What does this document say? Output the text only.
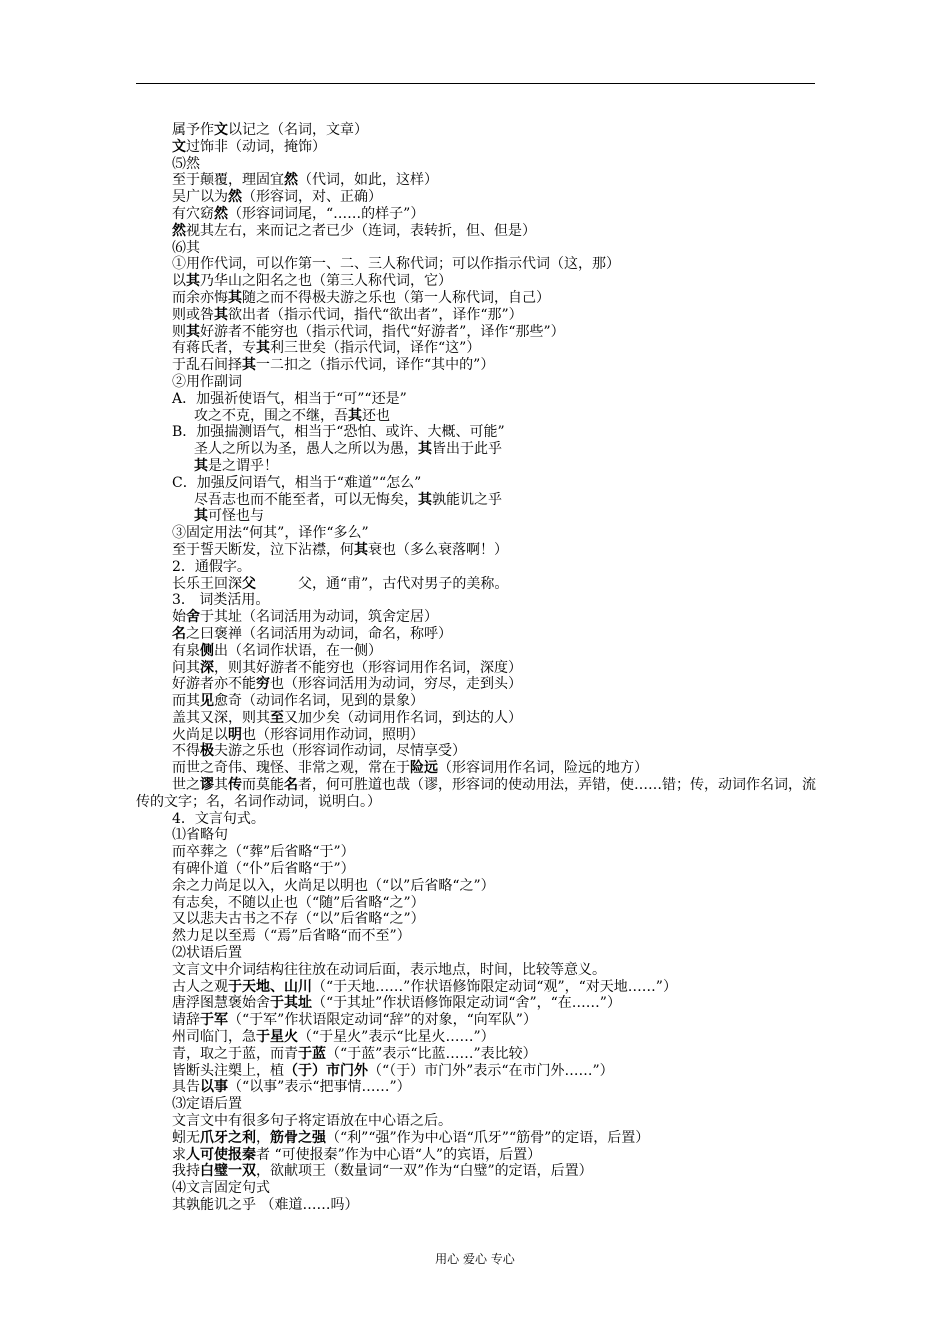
属予作文以记之（名词，文章）
文过饰非（动词，掩饰）
⑸然
至于颠覆，理固宜然（代词，如此，这样）
吴广以为然（形容词，对、正确）
有穴窈然（形容词词尾，“……的样子”）
然视其左右，来而记之者已少（连词，表转折，但、但是）
⑹其
①用作代词，可以作第一、二、三人称代词；可以作指示代词（这，那）
以其乃华山之阳名之也（第三人称代词，它）
而余亦悔其随之而不得极夫游之乐也（第一人称代词，自己）
则或咎其欲出者（指示代词，指代“欲出者”，译作“那”）
则其好游者不能穷也（指示代词，指代“好游者”，译作“那些”）
有蒋氏者，专其利三世矣（指示代词，译作“这”）
于乱石间择其一二扣之（指示代词，译作“其中的”）
②用作副词
A．加强祈使语气，相当于“可”“还是”
攻之不克，围之不继，吾其还也
B．加强揣测语气，相当于“恐怕、或许、大概、可能”
圣人之所以为圣，愚人之所以为愚，其皆出于此乎
其是之谓乎！
C．加强反问语气，相当于“难道”“怎么”
尽吾志也而不能至者，可以无悔矣，其孰能讥之乎
其可怪也与
③固定用法“何其”，译作“多么”
至于誓天断发，泣下沾襟，何其衰也（多么衰落啊！）
2．通假字。
长乐王回深父　　　父，通“甫”，古代对男子的美称。
3． 词类活用。
始舍于其址（名词活用为动词，筑舍定居）
名之曰褒禅（名词活用为动词，命名，称呼）
有泉侧出（名词作状语，在一侧）
问其深，则其好游者不能穷也（形容词用作名词，深度）
好游者亦不能穷也（形容词活用为动词，穷尽，走到头）
而其见愈奇（动词作名词，见到的景象）
盖其又深，则其至又加少矣（动词用作名词，到达的人）
火尚足以明也（形容词用作动词，照明）
不得极夫游之乐也（形容词作动词，尽情享受）
而世之奇伟、瑰怪、非常之观，常在于险远（形容词用作名词，险远的地方）
世之谬其传而莫能名者，何可胜道也哉（谬，形容词的使动用法，弄错，使……错；传，动词作名词，流传的文字；名，名词作动词，说明白。）
4．文言句式。
⑴省略句
而卒葬之（“葬”后省略“于”）
有碑仆道（“仆”后省略“于”）
余之力尚足以入，火尚足以明也（“以”后省略“之”）
有志矣，不随以止也（“随”后省略“之”）
又以悲夫古书之不存（“以”后省略“之”）
然力足以至焉（“焉”后省略“而不至”）
⑵状语后置
文言文中介词结构往往放在动词后面，表示地点，时间，比较等意义。
古人之观于天地、山川（“于天地……”作状语修饰限定动词“观”，“对天地……”）
唐浮图慧褒始舍于其址（“于其址”作状语修饰限定动词“舍”，“在……”）
请辞于军（“于军”作状语限定动词“辞”的对象，“向军队”）
州司临门，急于星火（“于星火”表示“比星火……”）
青，取之于蓝，而青于蓝（“于蓝”表示“比蓝……”表比较）
皆断头注槊上，植（于）市门外（“（于）市门外”表示“在市门外……”）
具告以事（“以事”表示“把事情……”）
⑶定语后置
文言文中有很多句子将定语放在中心语之后。
蚓无爪牙之利，筋骨之强（“利”“强”作为中心语“爪牙”“筋骨”的定语，后置）
求人可使报秦者 “可使报秦”作为中心语“人”的宾语，后置）
我持白璧一双，欲献项王（数量词“一双”作为“白璧”的定语，后置）
⑷文言固定句式
其孰能讥之乎 （难道……吗）
用心 爱心 专心
